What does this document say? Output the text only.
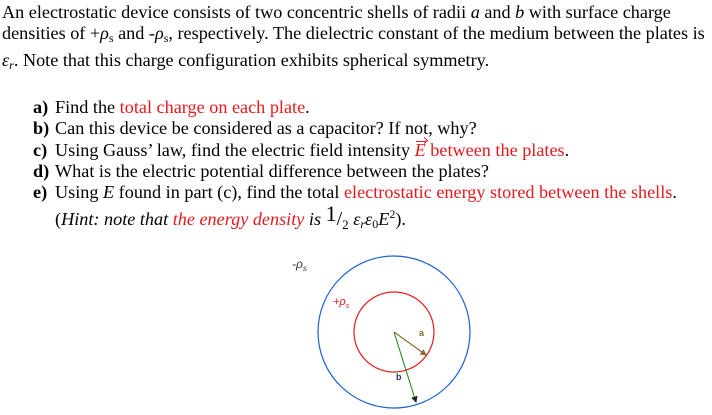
An electrostatic device consists of two concentric shells of radii a and b with surface charge densities of $+\rho_s$ and $-\rho_s$, respectively. The dielectric constant of the medium between the plates is $\varepsilon_r$. Note that this charge configuration exhibits spherical symmetry.

a) Find the total charge on each plate.
b) Can this device be considered as a capacitor? If not, why?
c) Using Gauss’ law, find the electric field intensity E between the plates.
d) What is the electric potential difference between the plates?
e) Using E found in part (c), find the total electrostatic energy stored between the shells. (Hint: note that the energy density is $1/_2$ $\varepsilon_r\varepsilon_0E^2$).
$-\rho_s$
$+\rho_s$
a
b
